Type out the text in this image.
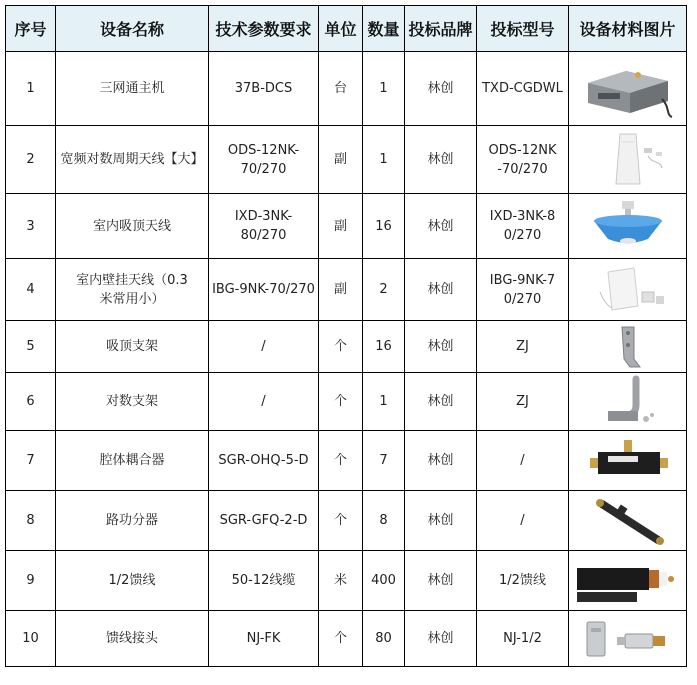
序号	设备名称	技术参数要求	单位	数量	投标品牌	投标型号	设备材料图片
1	三网通主机	37B-DCS	台	1	林创	TXD-CGDWL	

2	宽频对数周期天线【大】	ODS-12NK-70/270	副	1	林创	ODS-12NK-70/270	

3	室内吸顶天线	IXD-3NK-80/270	副	16	林创	IXD-3NK-80/270	

4	室内壁挂天线（0.3米常用小）	IBG-9NK-70/270	副	2	林创	IBG-9NK-70/270	

5	吸顶支架	/	个	16	林创	ZJ	

6	对数支架	/	个	1	林创	ZJ	

7	腔体耦合器	SGR-OHQ-5-D	个	7	林创	/	

8	路功分器	SGR-GFQ-2-D	个	8	林创	/	

9	1/2馈线	50-12线缆	米	400	林创	1/2馈线	

10	馈线接头	NJ-FK	个	80	林创	NJ-1/2	
